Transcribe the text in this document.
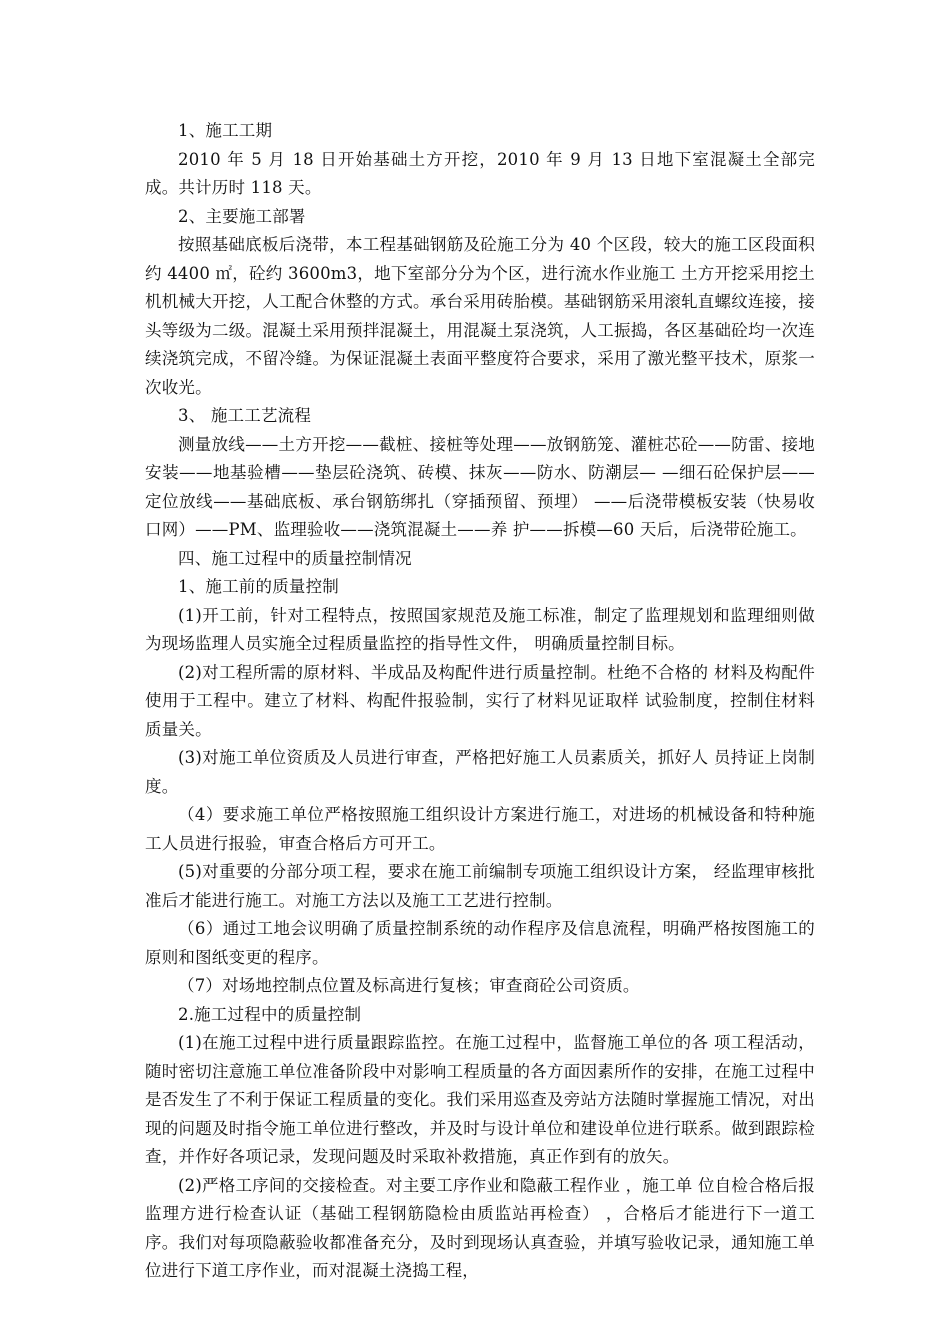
1、施工工期

2010 年 5 月 18 日开始基础土方开挖，2010 年 9 月 13 日地下室混凝土全部完成。共计历时 118 天。

2、主要施工部署

按照基础底板后浇带，本工程基础钢筋及砼施工分为 40 个区段，较大的施工区段面积约 4400 ㎡，砼约 3600m3，地下室部分分为个区，进行流水作业施工 土方开挖采用挖土机机械大开挖，人工配合休整的方式。承台采用砖胎模。基础钢筋采用滚轧直螺纹连接，接头等级为二级。混凝土采用预拌混凝土，用混凝土泵浇筑，人工振捣，各区基础砼均一次连续浇筑完成，不留冷缝。为保证混凝土表面平整度符合要求，采用了激光整平技术，原浆一次收光。

3、 施工工艺流程

测量放线——土方开挖——截桩、接桩等处理——放钢筋笼、灌桩芯砼——防雷、接地安装——地基验槽——垫层砼浇筑、砖模、抹灰——防水、防潮层— —细石砼保护层——定位放线——基础底板、承台钢筋绑扎（穿插预留、预埋） ——后浇带模板安装（快易收口网）——PM、监理验收——浇筑混凝土——养 护——拆模—60 天后，后浇带砼施工。

四、施工过程中的质量控制情况

1、施工前的质量控制

(1)开工前，针对工程特点，按照国家规范及施工标准，制定了监理规划和监理细则做为现场监理人员实施全过程质量监控的指导性文件， 明确质量控制目标。

(2)对工程所需的原材料、半成品及构配件进行质量控制。杜绝不合格的 材料及构配件使用于工程中。建立了材料、构配件报验制，实行了材料见证取样 试验制度，控制住材料质量关。

(3)对施工单位资质及人员进行审查，严格把好施工人员素质关，抓好人 员持证上岗制度。

（4）要求施工单位严格按照施工组织设计方案进行施工，对进场的机械设备和特种施工人员进行报验，审查合格后方可开工。

(5)对重要的分部分项工程，要求在施工前编制专项施工组织设计方案， 经监理审核批准后才能进行施工。对施工方法以及施工工艺进行控制。

（6）通过工地会议明确了质量控制系统的动作程序及信息流程，明确严格按图施工的原则和图纸变更的程序。

（7）对场地控制点位置及标高进行复核；审查商砼公司资质。

2.施工过程中的质量控制

(1)在施工过程中进行质量跟踪监控。在施工过程中，监督施工单位的各 项工程活动， 随时密切注意施工单位准备阶段中对影响工程质量的各方面因素所作的安排，在施工过程中是否发生了不利于保证工程质量的变化。我们采用巡查及旁站方法随时掌握施工情况，对出现的问题及时指令施工单位进行整改，并及时与设计单位和建设单位进行联系。做到跟踪检查，并作好各项记录，发现问题及时采取补救措施，真正作到有的放矢。

(2)严格工序间的交接检查。对主要工序作业和隐蔽工程作业 ，施工单 位自检合格后报监理方进行检查认证（基础工程钢筋隐检由质监站再检查） ，合格后才能进行下一道工序。我们对每项隐蔽验收都准备充分，及时到现场认真查验，并填写验收记录，通知施工单位进行下道工序作业，而对混凝土浇捣工程，
